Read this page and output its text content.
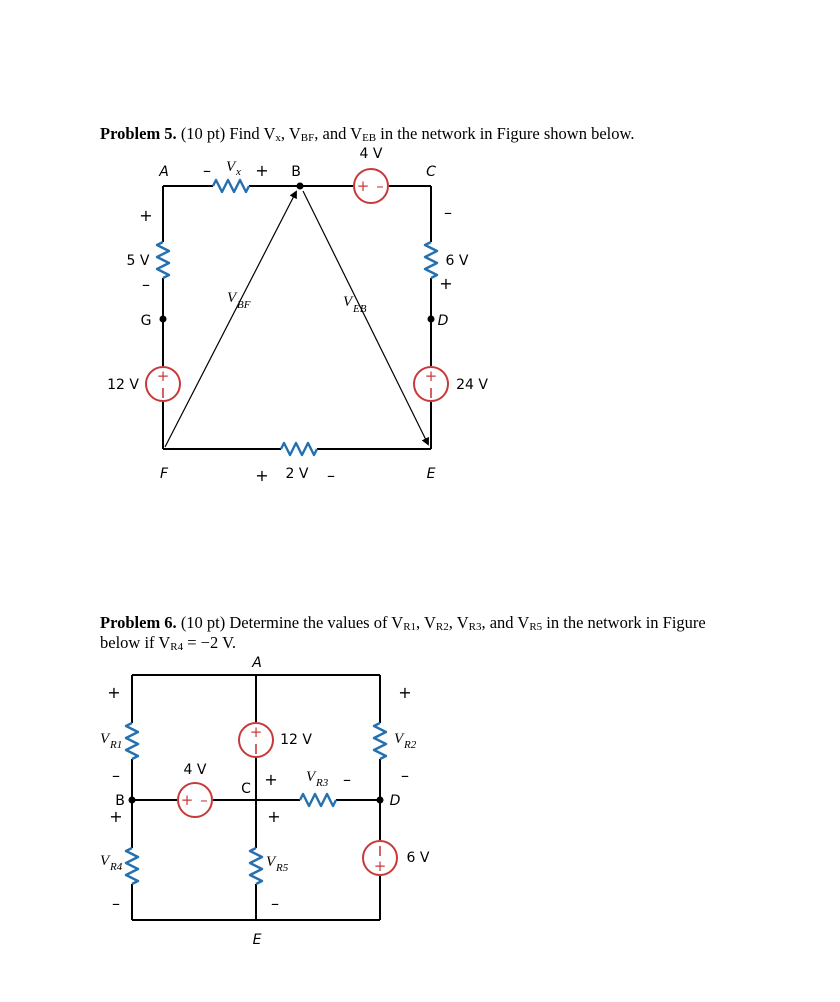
Problem 5. (10 pt) Find $V_x$, $V_{BF}$, and $V_{EB}$ in the network in Figure shown below.
Problem 6. (10 pt) Determine the values of $V_{R1}$, $V_{R2}$, $V_{R3}$, and $V_{R5}$ in the network in Figure
below if $V_{R4} = -2$ V.
+ –
+	+
A	B	C
G	D
F	E
– V x +
4 V
+
5 V
–
–
6 V
+
12 V	24 V
V BF	V EB
+ 2 V –
+
+ –
+
A
B
C
D
E
+
V R1
–
+
V R4
–
+
V R2
–
+ V R3 –
+
V R5
–
12 V
4 V
6 V
